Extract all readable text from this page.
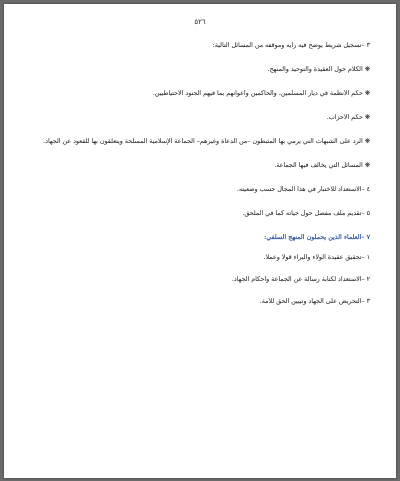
٥٢٦

٣ –تسجيل شريط يوضح فيه رأيه وموقفه من المسائل التالية:

❋ الكلام حول العقيدة والتوحيد والمنهج.

❋ حكم الأنظمة في ديار المسلمين، والحاكمين وأعوانهم بما فيهم الجنود الاحتياطيين.

❋ حكم الأحزاب.

❋ الرد على الشبهات التي يرمي بها المثبطون –من الدعاة وغيرهم– الجماعة الإسلامية المسلحة ويتعلقون بها للقعود عن الجهاد.

❋ المسائل التي يخالف فيها الجماعة.

٤ –الاستعداد للاختبار في هذا المجال حسب وضعيته.

٥ –تقديم ملف مفصل حول حياته كما في الملحق.

٧ –العلماء الذين يحملون المنهج السلفي:

١ –تحقيق عقيدة الولاء والبراء قولا وعملا.

٢ –الاستعداد لكتابة رسالة عن الجماعة وأحكام الجهاد.

٣ –التحريض على الجهاد وتبيين الحق للأمة.
